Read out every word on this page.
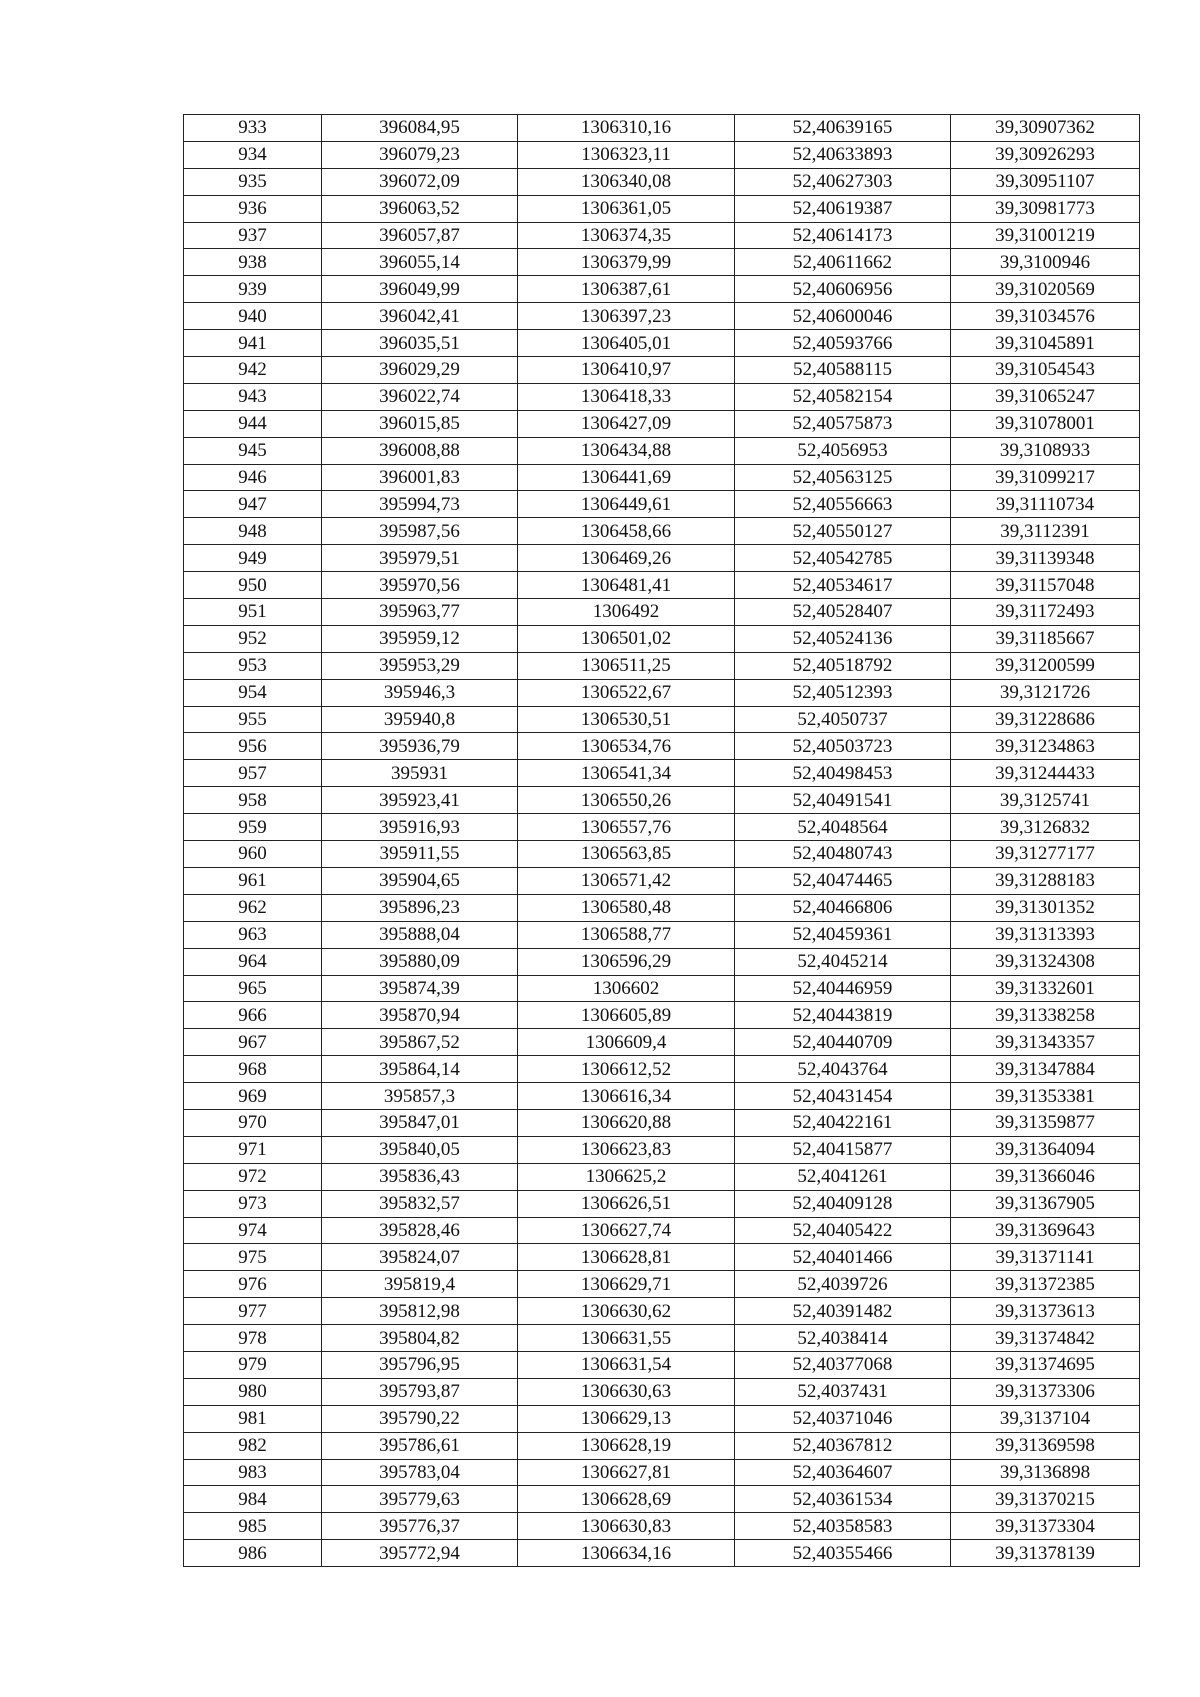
933	396084,95	1306310,16	52,40639165	39,30907362
934	396079,23	1306323,11	52,40633893	39,30926293
935	396072,09	1306340,08	52,40627303	39,30951107
936	396063,52	1306361,05	52,40619387	39,30981773
937	396057,87	1306374,35	52,40614173	39,31001219
938	396055,14	1306379,99	52,40611662	39,3100946
939	396049,99	1306387,61	52,40606956	39,31020569
940	396042,41	1306397,23	52,40600046	39,31034576
941	396035,51	1306405,01	52,40593766	39,31045891
942	396029,29	1306410,97	52,40588115	39,31054543
943	396022,74	1306418,33	52,40582154	39,31065247
944	396015,85	1306427,09	52,40575873	39,31078001
945	396008,88	1306434,88	52,4056953	39,3108933
946	396001,83	1306441,69	52,40563125	39,31099217
947	395994,73	1306449,61	52,40556663	39,31110734
948	395987,56	1306458,66	52,40550127	39,3112391
949	395979,51	1306469,26	52,40542785	39,31139348
950	395970,56	1306481,41	52,40534617	39,31157048
951	395963,77	1306492	52,40528407	39,31172493
952	395959,12	1306501,02	52,40524136	39,31185667
953	395953,29	1306511,25	52,40518792	39,31200599
954	395946,3	1306522,67	52,40512393	39,3121726
955	395940,8	1306530,51	52,4050737	39,31228686
956	395936,79	1306534,76	52,40503723	39,31234863
957	395931	1306541,34	52,40498453	39,31244433
958	395923,41	1306550,26	52,40491541	39,3125741
959	395916,93	1306557,76	52,4048564	39,3126832
960	395911,55	1306563,85	52,40480743	39,31277177
961	395904,65	1306571,42	52,40474465	39,31288183
962	395896,23	1306580,48	52,40466806	39,31301352
963	395888,04	1306588,77	52,40459361	39,31313393
964	395880,09	1306596,29	52,4045214	39,31324308
965	395874,39	1306602	52,40446959	39,31332601
966	395870,94	1306605,89	52,40443819	39,31338258
967	395867,52	1306609,4	52,40440709	39,31343357
968	395864,14	1306612,52	52,4043764	39,31347884
969	395857,3	1306616,34	52,40431454	39,31353381
970	395847,01	1306620,88	52,40422161	39,31359877
971	395840,05	1306623,83	52,40415877	39,31364094
972	395836,43	1306625,2	52,4041261	39,31366046
973	395832,57	1306626,51	52,40409128	39,31367905
974	395828,46	1306627,74	52,40405422	39,31369643
975	395824,07	1306628,81	52,40401466	39,31371141
976	395819,4	1306629,71	52,4039726	39,31372385
977	395812,98	1306630,62	52,40391482	39,31373613
978	395804,82	1306631,55	52,4038414	39,31374842
979	395796,95	1306631,54	52,40377068	39,31374695
980	395793,87	1306630,63	52,4037431	39,31373306
981	395790,22	1306629,13	52,40371046	39,3137104
982	395786,61	1306628,19	52,40367812	39,31369598
983	395783,04	1306627,81	52,40364607	39,3136898
984	395779,63	1306628,69	52,40361534	39,31370215
985	395776,37	1306630,83	52,40358583	39,31373304
986	395772,94	1306634,16	52,40355466	39,31378139
